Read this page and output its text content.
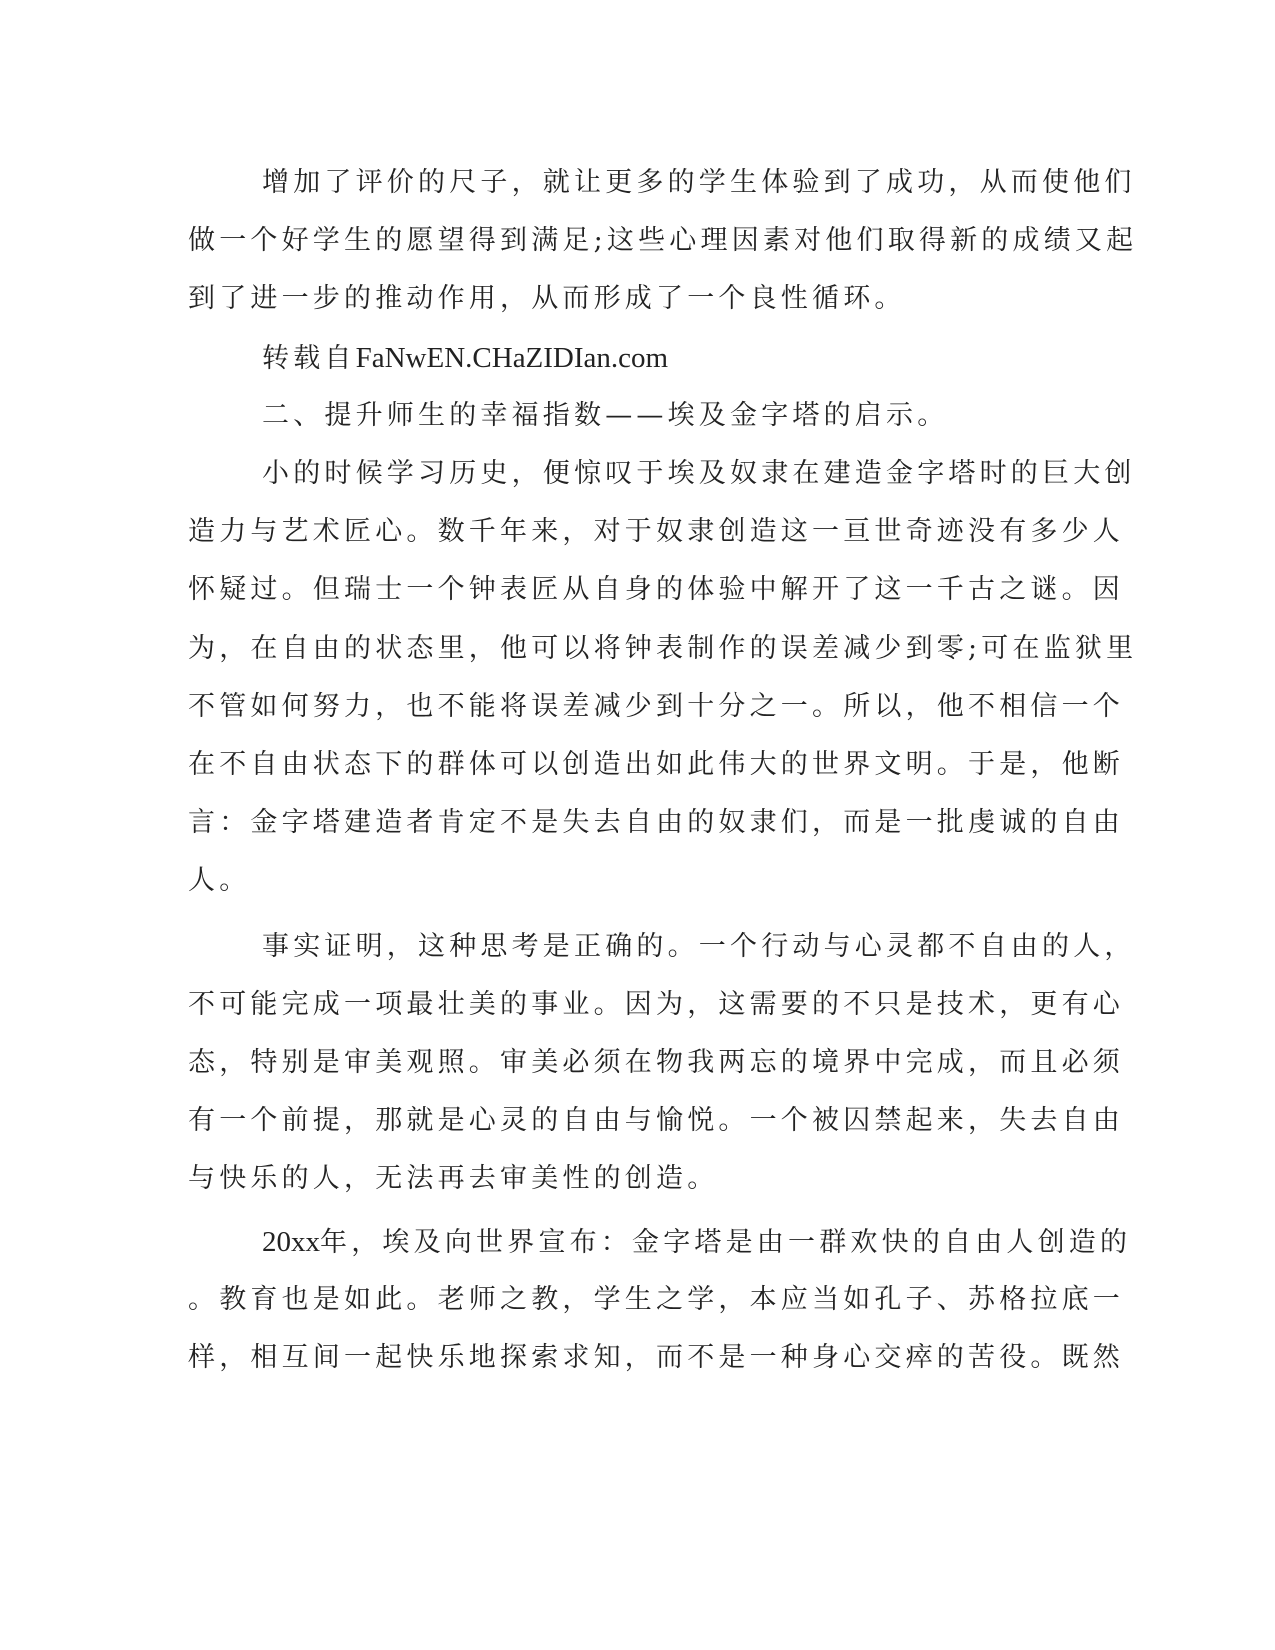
增加了评价的尺子，就让更多的学生体验到了成功，从而使他们
做一个好学生的愿望得到满足;这些心理因素对他们取得新的成绩又起
到了进一步的推动作用，从而形成了一个良性循环。
转载自FaNwEN.CHaZIDIan.com
二、提升师生的幸福指数——埃及金字塔的启示。
小的时候学习历史，便惊叹于埃及奴隶在建造金字塔时的巨大创
造力与艺术匠心。数千年来，对于奴隶创造这一亘世奇迹没有多少人
怀疑过。但瑞士一个钟表匠从自身的体验中解开了这一千古之谜。因
为，在自由的状态里，他可以将钟表制作的误差减少到零;可在监狱里
不管如何努力，也不能将误差减少到十分之一。所以，他不相信一个
在不自由状态下的群体可以创造出如此伟大的世界文明。于是，他断
言：金字塔建造者肯定不是失去自由的奴隶们，而是一批虔诚的自由
人。
事实证明，这种思考是正确的。一个行动与心灵都不自由的人，
不可能完成一项最壮美的事业。因为，这需要的不只是技术，更有心
态，特别是审美观照。审美必须在物我两忘的境界中完成，而且必须
有一个前提，那就是心灵的自由与愉悦。一个被囚禁起来，失去自由
与快乐的人，无法再去审美性的创造。
20xx年，埃及向世界宣布：金字塔是由一群欢快的自由人创造的
。教育也是如此。老师之教，学生之学，本应当如孔子、苏格拉底一
样，相互间一起快乐地探索求知，而不是一种身心交瘁的苦役。既然
